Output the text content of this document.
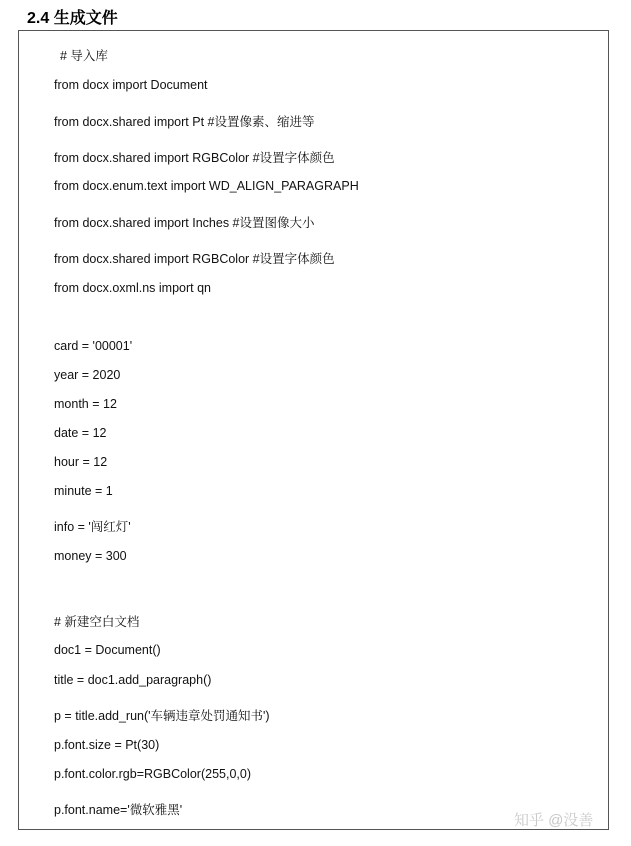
2.4 生成文件
# 导入库
from docx import Document
from docx.shared import Pt #设置像素、缩进等
from docx.shared import RGBColor #设置字体颜色
from docx.enum.text import WD_ALIGN_PARAGRAPH
from docx.shared import Inches #设置图像大小
from docx.shared import RGBColor #设置字体颜色
from docx.oxml.ns import qn
card = '00001'
year = 2020
month = 12
date = 12
hour = 12
minute = 1
info = '闯红灯'
money = 300
# 新建空白文档
doc1 = Document()
title = doc1.add_paragraph()
p = title.add_run('车辆违章处罚通知书')
p.font.size = Pt(30)
p.font.color.rgb=RGBColor(255,0,0)
p.font.name='微软雅黑'
知乎 @没善
